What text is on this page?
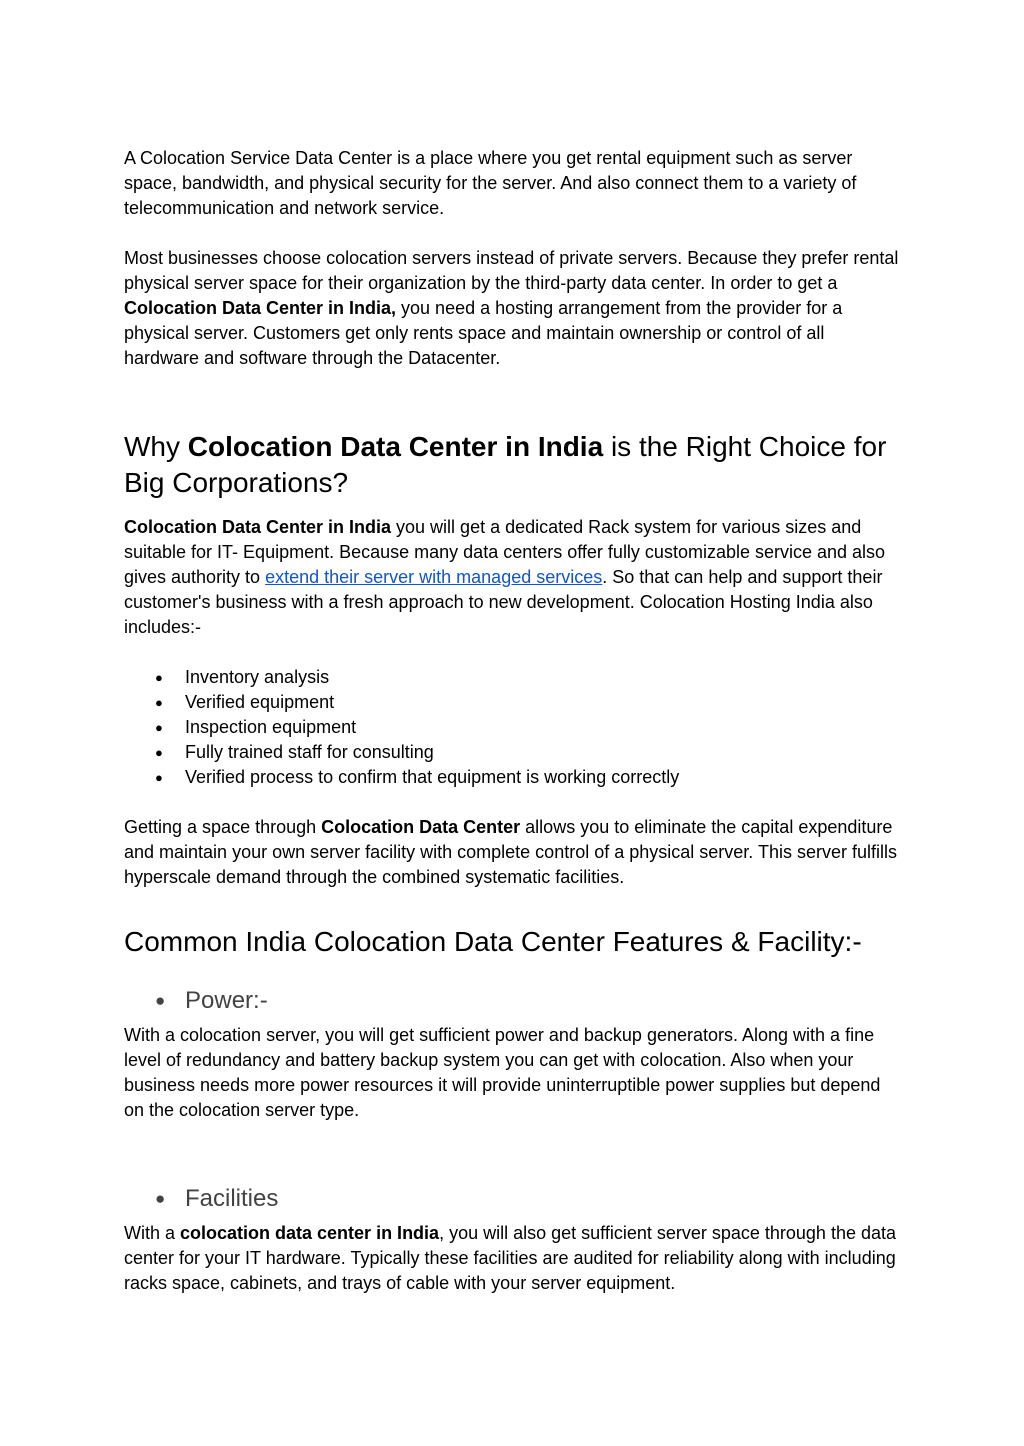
A Colocation Service Data Center is a place where you get rental equipment such as server space, bandwidth, and physical security for the server. And also connect them to a variety of telecommunication and network service.

Most businesses choose colocation servers instead of private servers. Because they prefer rental physical server space for their organization by the third-party data center. In order to get a Colocation Data Center in India, you need a hosting arrangement from the provider for a physical server. Customers get only rents space and maintain ownership or control of all hardware and software through the Datacenter.

Why Colocation Data Center in India is the Right Choice for Big Corporations?

Colocation Data Center in India you will get a dedicated Rack system for various sizes and suitable for IT- Equipment. Because many data centers offer fully customizable service and also gives authority to extend their server with managed services. So that can help and support their customer's business with a fresh approach to new development. Colocation Hosting India also includes:-

● Inventory analysis
● Verified equipment
● Inspection equipment
● Fully trained staff for consulting
● Verified process to confirm that equipment is working correctly

Getting a space through Colocation Data Center allows you to eliminate the capital expenditure and maintain your own server facility with complete control of a physical server. This server fulfills hyperscale demand through the combined systematic facilities.

Common India Colocation Data Center Features & Facility:-
● Power:-

With a colocation server, you will get sufficient power and backup generators. Along with a fine level of redundancy and battery backup system you can get with colocation. Also when your business needs more power resources it will provide uninterruptible power supplies but depend on the colocation server type.

● Facilities

With a colocation data center in India, you will also get sufficient server space through the data center for your IT hardware. Typically these facilities are audited for reliability along with including racks space, cabinets, and trays of cable with your server equipment.
